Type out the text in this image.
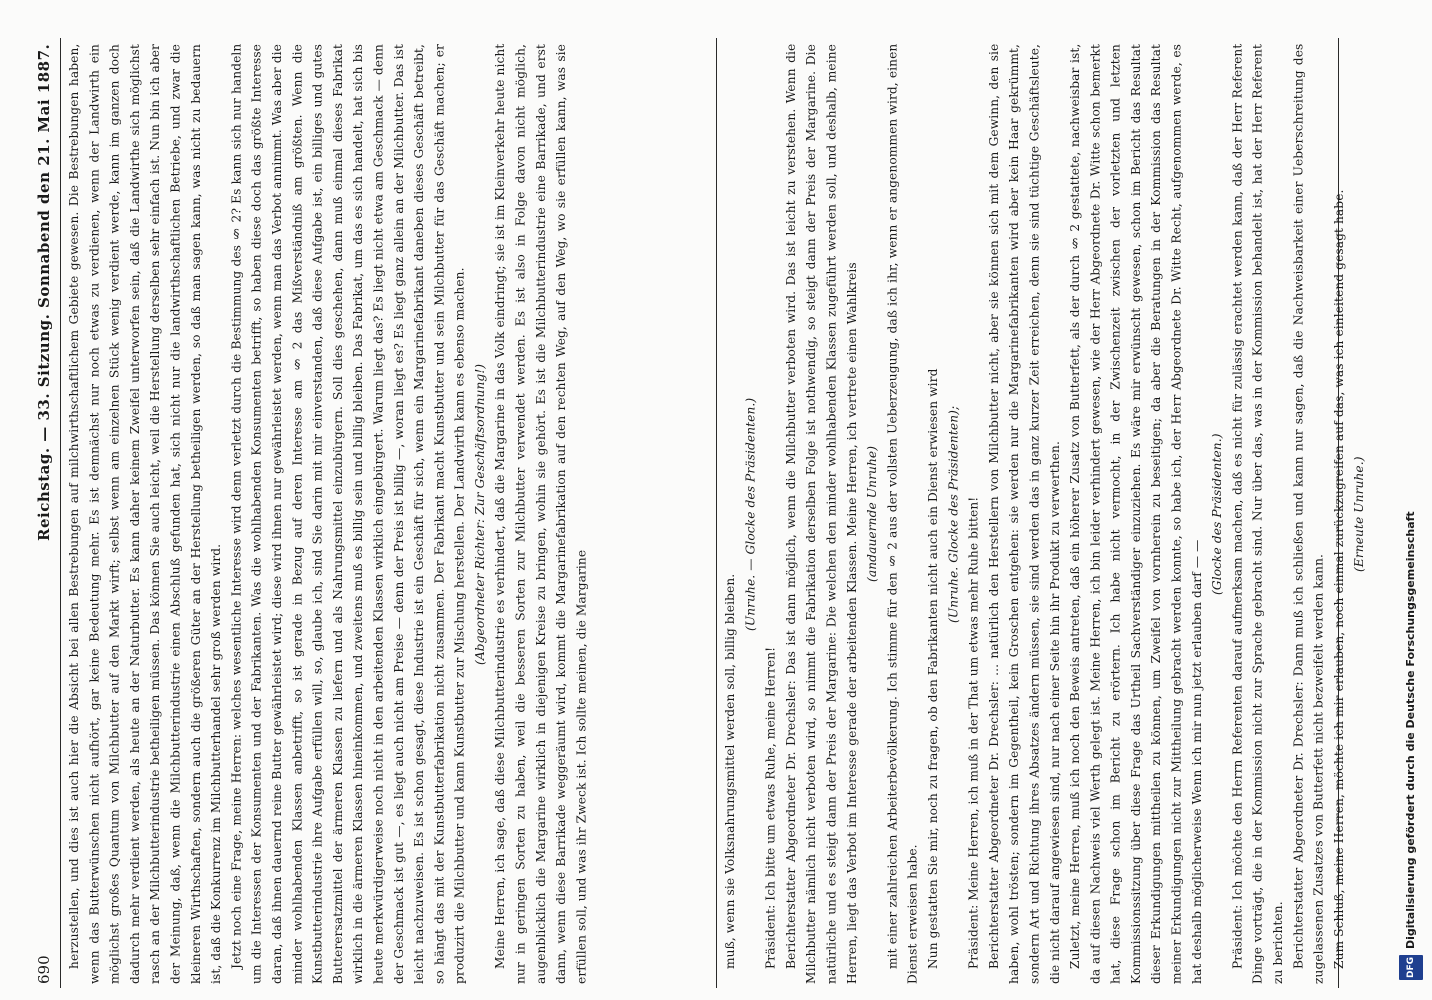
690
Reichstag. — 33. Sitzung. Sonnabend den 21. Mai 1887.	herzustellen, und dies ist auch hier die Absicht bei allen Bestrebungen auf milchwirthschaftlichem Gebiete gewesen. Die Bestrebungen haben, wenn das Butterwünschen nicht aufhört, gar keine Bedeutung mehr. Es ist demnächst nur noch etwas zu verdienen, wenn der Landwirth ein möglichst großes Quantum von Milchbutter auf den Markt wirft; selbst wenn am einzelnen Stück wenig verdient werde, kann im ganzen doch dadurch mehr verdient werden, als heute an der Naturbutter. Es kann daher keinem Zweifel unterworfen sein, daß die Landwirthe sich möglichst rasch an der Milchbutterindustrie betheiligen müssen. Das können Sie auch leicht, weil die Herstellung derselben sehr einfach ist. Nun bin ich aber der Meinung, daß, wenn die Milchbutterindustrie einen Abschluß gefunden hat, sich nicht nur die landwirthschaftlichen Betriebe, und zwar die kleineren Wirthschaften, sondern auch die größeren Güter an der Herstellung betheiligen werden, so daß man sagen kann, was nicht zu bedauern ist, daß die Konkurrenz im Milchbutterhandel sehr groß werden wird. Jetzt noch eine Frage, meine Herren: welches wesentliche Interesse wird denn verletzt durch die Bestimmung des § 2? Es kann sich nur handeln um die Interessen der Konsumenten und der Fabrikanten. Was die wohlhabenden Konsumenten betrifft, so haben diese doch das größte Interesse daran, daß ihnen dauernd reine Butter gewährleistet wird; diese wird ihnen nur gewährleistet werden, wenn man das Verbot annimmt. Was aber die minder wohlhabenden Klassen anbetrifft, so ist gerade in Bezug auf deren Interesse am § 2 das Mißverständniß am größten. Wenn die Kunstbutterindustrie ihre Aufgabe erfüllen will, so, glaube ich, sind Sie darin mit mir einverstanden, daß diese Aufgabe ist, ein billiges und gutes Butterersatzmittel der ärmeren Klassen zu liefern und als Nahrungsmittel einzubürgern. Soll dies geschehen, dann muß einmal dieses Fabrikat wirklich in die ärmeren Klassen hineinkommen, und zweitens muß es billig sein und billig bleiben. Das Fabrikat, um das es sich handelt, hat sich bis heute merkwürdigerweise noch nicht in den arbeitenden Klassen wirklich eingebürgert. Warum liegt das? Es liegt nicht etwa am Geschmack — denn der Geschmack ist gut —, es liegt auch nicht am Preise — denn der Preis ist billig —, woran liegt es? Es liegt ganz allein an der Milchbutter. Das ist leicht nachzuweisen. Es ist schon gesagt, diese Industrie ist ein Geschäft für sich, wenn ein Margarinefabrikant daneben dieses Geschäft betreibt, so hängt das mit der Kunstbutterfabrikation nicht zusammen. Der Fabrikant macht Kunstbutter und sein Milchbutter für das Geschäft machen; er produzirt die Milchbutter und kann Kunstbutter zur Mischung herstellen. Der Landwirth kann es ebenso machen. (Abgeordneter Richter: Zur Geschäftsordnung!) Meine Herren, ich sage, daß diese Milchbutterindustrie es verhindert, daß die Margarine in das Volk eindringt; sie ist im Kleinverkehr heute nicht nur in geringen Sorten zu haben, weil die besseren Sorten zur Milchbutter verwendet werden. Es ist also in Folge davon nicht möglich, augenblicklich die Margarine wirklich in diejenigen Kreise zu bringen, wohin sie gehört. Es ist die Milchbutterindustrie eine Barrikade, und erst dann, wenn diese Barrikade weggeräumt wird, kommt die Margarinefabrikation auf den rechten Weg, auf den Weg, wo sie erfüllen kann, was sie erfüllen soll, und was ihr Zweck ist. Ich sollte meinen, die Margarine	muß, wenn sie Volksnahrungsmittel werden soll, billig bleiben.

(Unruhe. — Glocke des Präsidenten.)

Präsident: Ich bitte um etwas Ruhe, meine Herren! Berichterstatter Abgeordneter Dr. Drechsler: Das ist dann möglich, wenn die Milchbutter verboten wird. Das ist leicht zu verstehen. Wenn die Milchbutter nämlich nicht verboten wird, so nimmt die Fabrikation derselben Folge ist nothwendig, so steigt dann der Preis der Margarine. Die natürliche und es steigt dann der Preis der Margarine: Die welchen den minder wohlhabenden Klassen zugeführt werden soll, und deshalb, meine Herren, liegt das Verbot im Interesse gerade der arbeitenden Klassen. Meine Herren, ich vertrete einen Wahlkreis (andauernde Unruhe) mit einer zahlreichen Arbeiterbevölkerung. Ich stimme für den § 2 aus der vollsten Ueberzeugung, daß ich ihr, wenn er angenommen wird, einen Dienst erweisen habe. Nun gestatten Sie mir, noch zu fragen, ob den Fabrikanten nicht auch ein Dienst erwiesen wird (Unruhe. Glocke des Präsidenten); Präsident: Meine Herren, ich muß in der That um etwas mehr Ruhe bitten! Berichterstatter Abgeordneter Dr. Drechsler: ... natürlich den Herstellern von Milchbutter nicht, aber sie können sich mit dem Gewinn, den sie haben, wohl trösten; sondern im Gegentheil, kein Groschen entgehen: sie werden nur die Margarinefabrikanten wird aber kein Haar gekrümmt, sondern Art und Richtung ihres Absatzes ändern müssen, sie sind werden das in ganz kurzer Zeit erreichen, denn sie sind tüchtige Geschäftsleute, die nicht darauf angewiesen sind, nur nach einer Seite hin ihr Produkt zu verwerthen. Zuletzt, meine Herren, muß ich noch den Beweis antreten, daß ein höherer Zusatz von Butterfett, als der durch § 2 gestattete, nachweisbar ist, da auf diesen Nachweis viel Werth gelegt ist. Meine Herren, ich bin leider verhindert gewesen, wie der Herr Abgeordnete Dr. Witte schon bemerkt hat, diese Frage schon im Bericht zu erörtern. Ich habe nicht vermocht, in der Zwischenzeit zwischen der vorletzten und letzten Kommissionssitzung über diese Frage das Urtheil Sachverständiger einzuziehen. Es wäre mir erwünscht gewesen, schon im Bericht das Resultat dieser Erkundigungen mittheilen zu können, um Zweifel von vornherein zu beseitigen; da aber die Beratungen in der Kommission das Resultat meiner Erkundigungen nicht zur Mittheilung gebracht werden konnte, so habe ich, der Herr Abgeordnete Dr. Witte Recht, aufgenommen werde, es hat deshalb möglicherweise Wenn ich mir nun jetzt erlauben darf — —

(Glocke des Präsidenten.) Präsident: Ich möchte den Herrn Referenten darauf aufmerksam machen, daß es nicht für zulässig erachtet werden kann, daß der Herr Referent Dinge vorträgt, die in der Kommission nicht zur Sprache gebracht sind. Nur über das, was in der Kommission behandelt ist, hat der Herr Referent zu berichten. Berichterstatter Abgeordneter Dr. Drechsler: Dann muß ich schließen und kann nur sagen, daß die Nachweisbarkeit einer Ueberschreitung des zugelassenen Zusatzes von Butterfett nicht bezweifelt werden kann. Zum Schluß, meine Herren, möchte ich mir erlauben, noch einmal zurückzugreifen auf das, was ich einleitend gesagt habe. (Erneute Unruhe.)

DFG
Digitalisierung gefördert durch die Deutsche Forschungsgemeinschaft
